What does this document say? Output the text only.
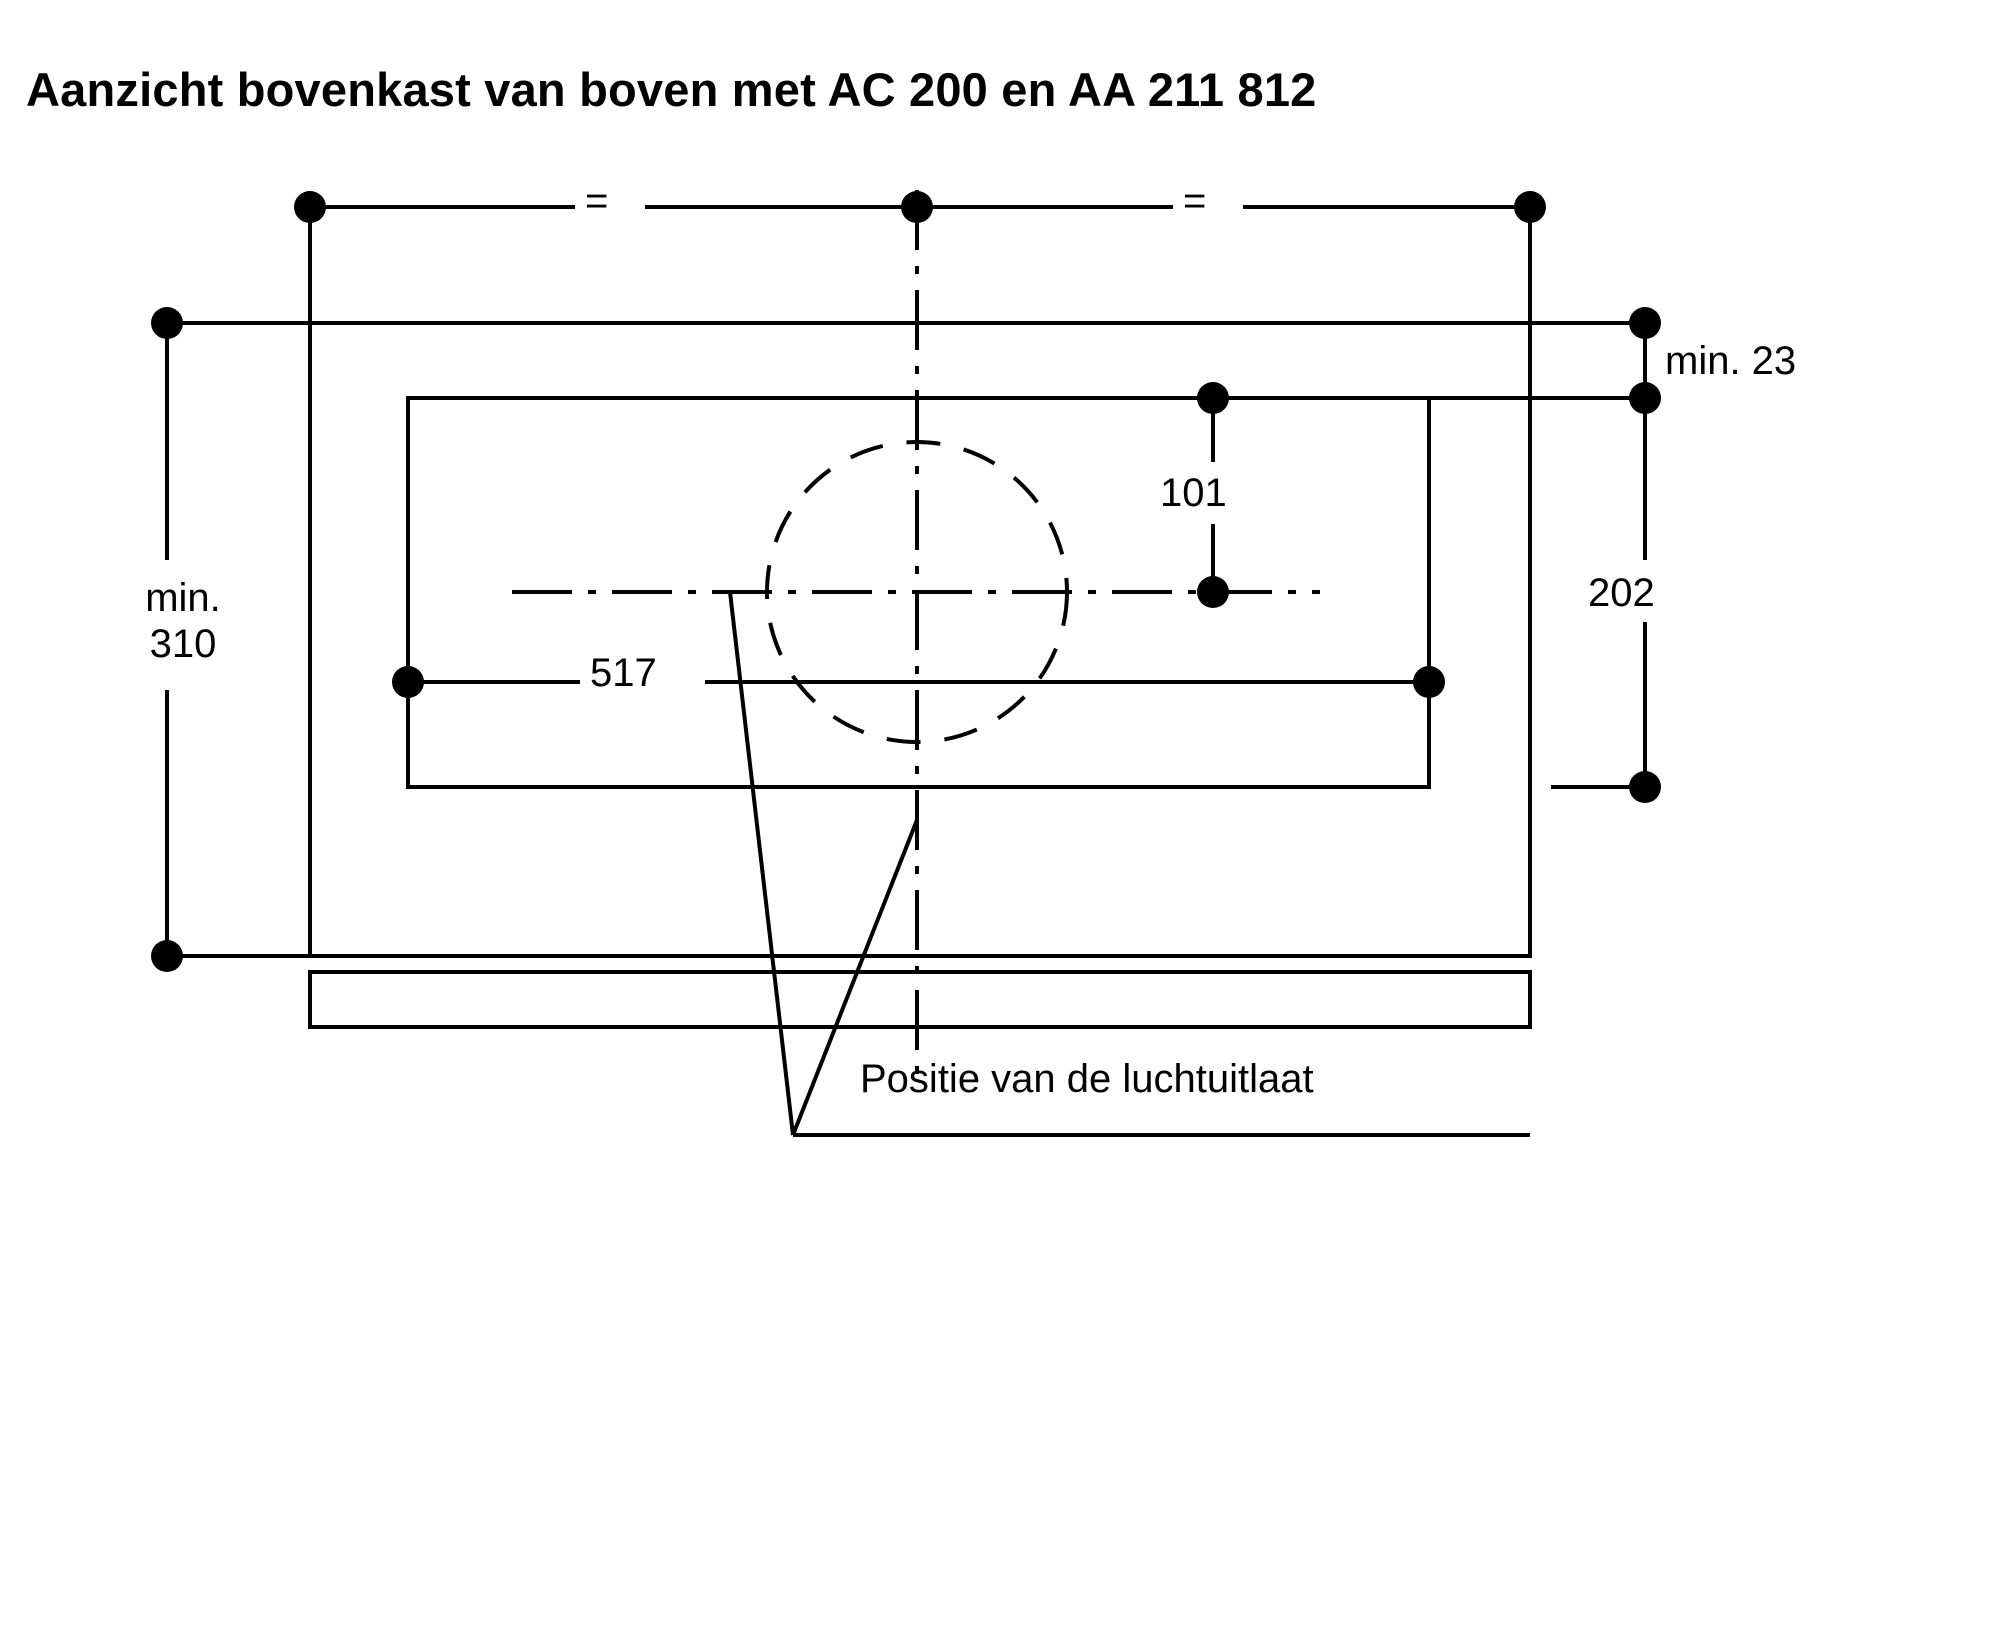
Aanzicht bovenkast van boven met AC 200 en AA 211 812
min.
310
517
101
min. 23
202
Positie van de luchtuitlaat
=	=
